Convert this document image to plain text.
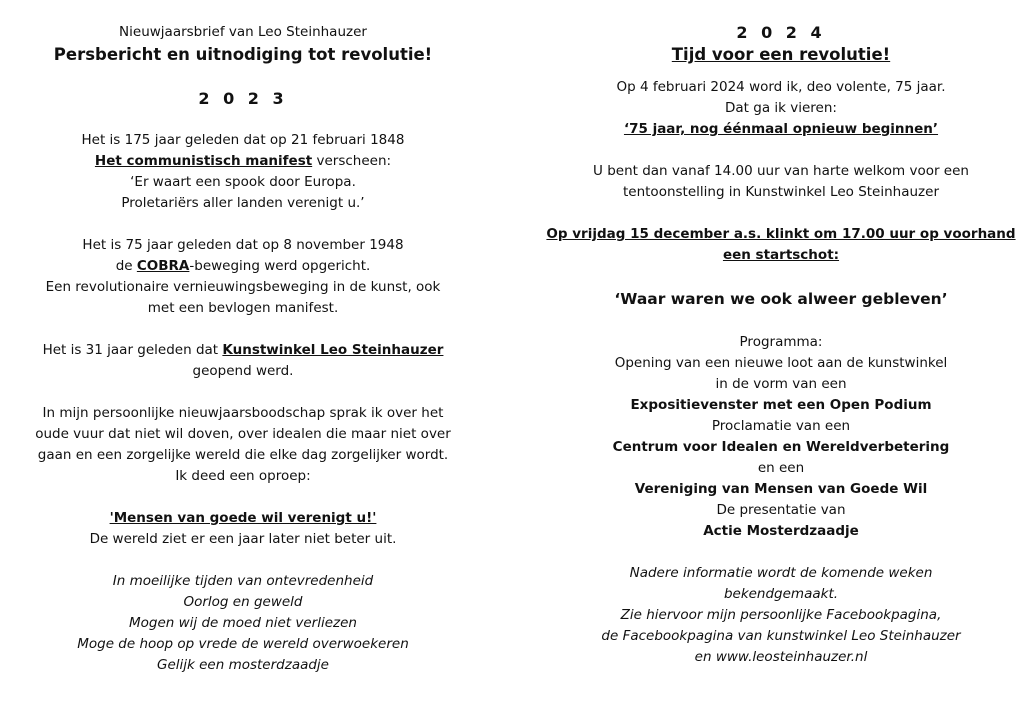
Nieuwjaarsbrief van Leo Steinhauzer
Persbericht en uitnodiging tot revolutie!
2 0 2 3
Het is 175 jaar geleden dat op 21 februari 1848
Het communistisch manifest verscheen:
‘Er waart een spook door Europa.
Proletariërs aller landen verenigt u.’
Het is 75 jaar geleden dat op 8 november 1948
de COBRA-beweging werd opgericht.
Een revolutionaire vernieuwingsbeweging in de kunst, ook
met een bevlogen manifest.
Het is 31 jaar geleden dat Kunstwinkel Leo Steinhauzer
geopend werd.
In mijn persoonlijke nieuwjaarsboodschap sprak ik over het
oude vuur dat niet wil doven, over idealen die maar niet over
gaan en een zorgelijke wereld die elke dag zorgelijker wordt.
Ik deed een oproep:
'Mensen van goede wil verenigt u!'
De wereld ziet er een jaar later niet beter uit.
In moeilijke tijden van ontevredenheid
Oorlog en geweld
Mogen wij de moed niet verliezen
Moge de hoop op vrede de wereld overwoekeren
Gelijk een mosterdzaadje
2 0 2 4
Tijd voor een revolutie!
Op 4 februari 2024 word ik, deo volente, 75 jaar.
Dat ga ik vieren:
‘75 jaar, nog éénmaal opnieuw beginnen’
U bent dan vanaf 14.00 uur van harte welkom voor een
tentoonstelling in Kunstwinkel Leo Steinhauzer
Op vrijdag 15 december a.s. klinkt om 17.00 uur op voorhand
een startschot:
‘Waar waren we ook alweer gebleven’
Programma:
Opening van een nieuwe loot aan de kunstwinkel
in de vorm van een
Expositievenster met een Open Podium
Proclamatie van een
Centrum voor Idealen en Wereldverbetering
en een
Vereniging van Mensen van Goede Wil
De presentatie van
Actie Mosterdzaadje
Nadere informatie wordt de komende weken
bekendgemaakt.
Zie hiervoor mijn persoonlijke Facebookpagina,
de Facebookpagina van kunstwinkel Leo Steinhauzer
en www.leosteinhauzer.nl
